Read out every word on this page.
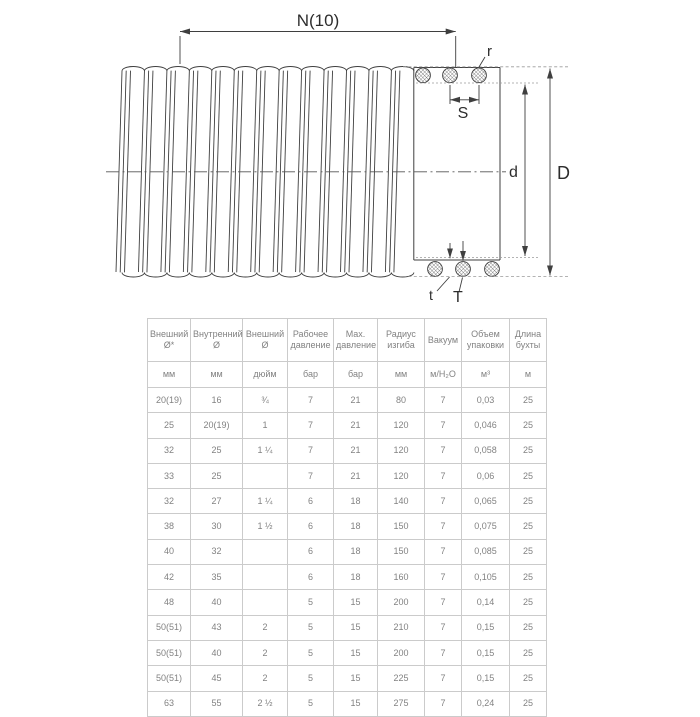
N(10)
r
S
d D
t T
Внешний Ø*	Внутренний Ø	Внешний Ø	Рабочее давление	Max. давление	Радиус изгиба	Вакуум	Объем упаковки	Длина бухты
мм	мм	дюйм	бар	бар	мм	м/H₂O	м³	м
20(19)	16	¾	7	21	80	7	0,03	25
25	20(19)	1	7	21	120	7	0,046	25
32	25	1 ¼	7	21	120	7	0,058	25
33	25		7	21	120	7	0,06	25
32	27	1 ¼	6	18	140	7	0,065	25
38	30	1 ½	6	18	150	7	0,075	25
40	32		6	18	150	7	0,085	25
42	35		6	18	160	7	0,105	25
48	40		5	15	200	7	0,14	25
50(51)	43	2	5	15	210	7	0,15	25
50(51)	40	2	5	15	200	7	0,15	25
50(51)	45	2	5	15	225	7	0,15	25
63	55	2 ½	5	15	275	7	0,24	25
